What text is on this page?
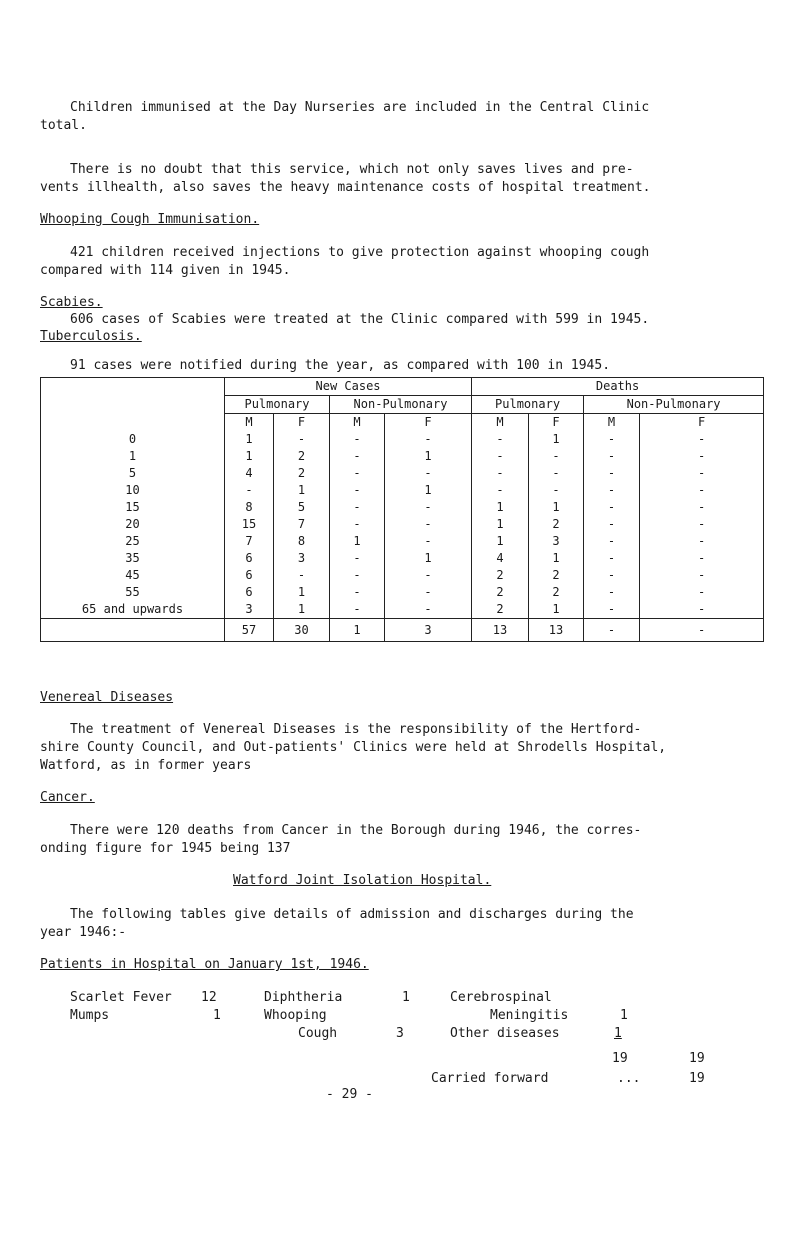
Children immunised at the Day Nurseries are included in the Central Clinic
total.
There is no doubt that this service, which not only saves lives and pre-
vents illhealth, also saves the heavy maintenance costs of hospital treatment.
Whooping Cough Immunisation.
421 children received injections to give protection against whooping cough
compared with 114 given in 1945.
Scabies.
606 cases of Scabies were treated at the Clinic compared with 599 in 1945.
Tuberculosis.
91 cases were notified during the year, as compared with 100 in 1945.
	New Cases				Deaths			
	Pulmonary		Non-Pulmonary		Pulmonary		Non-Pulmonary	
	M	F	M	F	M	F	M	F
0	1	-	-	-	-	1	-	-
1	1	2	-	1	-	-	-	-
5	4	2	-	-	-	-	-	-
10	-	1	-	1	-	-	-	-
15	8	5	-	-	1	1	-	-
20	15	7	-	-	1	2	-	-
25	7	8	1	-	1	3	-	-
35	6	3	-	1	4	1	-	-
45	6	-	-	-	2	2	-	-
55	6	1	-	-	2	2	-	-
65 and upwards	3	1	-	-	2	1	-	-
	57	30	1	3	13	13	-	-
Venereal Diseases
The treatment of Venereal Diseases is the responsibility of the Hertford-
shire County Council, and Out-patients' Clinics were held at Shrodells Hospital,
Watford, as in former years
Cancer.
There were 120 deaths from Cancer in the Borough during 1946, the corres-
onding figure for 1945 being 137
Watford Joint Isolation Hospital.
The following tables give details of admission and discharges during the
year 1946:-
Patients in Hospital on January 1st, 1946.
Scarlet Fever 12
Mumps	1
Diphtheria	1
Whooping
Cough	3
Cerebrospinal
Meningitis	1
Other diseases	1
19	19
Carried forward	...	19
- 29 -
